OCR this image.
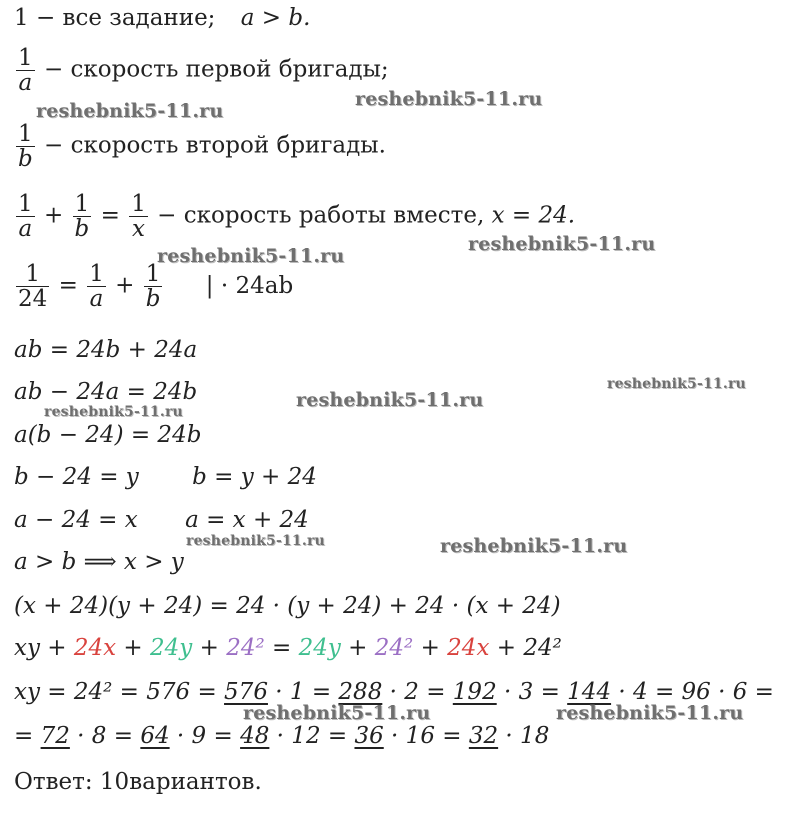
1 − все задание; a > b.
$\frac{1}{a}$ − скорость первой бригады;
$\frac{1}{b}$ − скорость второй бригады.
$\frac{1}{a} + \frac{1}{b} = \frac{1}{x}$ − скорость работы вместе, x = 24.
$\frac{1}{24} = \frac{1}{a} + \frac{1}{b}$ | · 24ab
ab = 24b + 24a
ab − 24a = 24b
a(b − 24) = 24b
b − 24 = y b = y + 24
a − 24 = x a = x + 24
a > b ⟹ x > y
(x + 24)(y + 24) = 24 · (y + 24) + 24 · (x + 24)
xy + 24x + 24y + 24² = 24y + 24² + 24x + 24²
xy = 24² = 576 = 576 · 1 = 288 · 2 = 192 · 3 = 144 · 4 = 96 · 6 =
= 72 · 8 = 64 · 9 = 48 · 12 = 36 · 16 = 32 · 18
Ответ: 10вариантов.
reshebnik5-11.ru
reshebnik5-11.ru
reshebnik5-11.ru
reshebnik5-11.ru
reshebnik5-11.ru
reshebnik5-11.ru
reshebnik5-11.ru
reshebnik5-11.ru	reshebnik5-11.ru
reshebnik5-11.ru	reshebnik5-11.ru
